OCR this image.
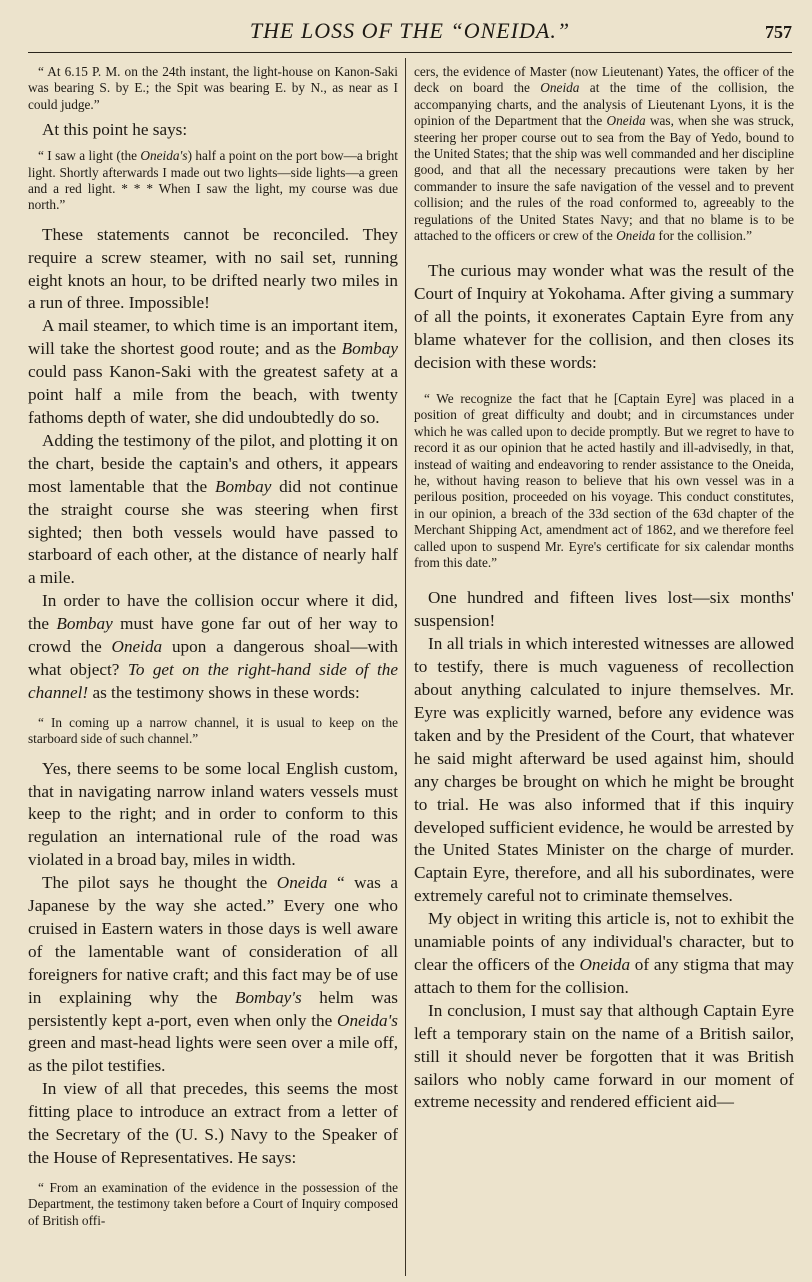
THE LOSS OF THE “ONEIDA.”	757

“ At 6.15 P. M. on the 24th instant, the light-house on Kanon-Saki was bearing S. by E.; the Spit was bearing E. by N., as near as I could judge.”

At this point he says:

“ I saw a light (the Oneida's) half a point on the port bow—a bright light. Shortly afterwards I made out two lights—side lights—a green and a red light. * * * When I saw the light, my course was due north.”

These statements cannot be reconciled. They require a screw steamer, with no sail set, running eight knots an hour, to be drifted nearly two miles in a run of three. Impossible!

A mail steamer, to which time is an important item, will take the shortest good route; and as the Bombay could pass Kanon-Saki with the greatest safety at a point half a mile from the beach, with twenty fathoms depth of water, she did undoubtedly do so.

Adding the testimony of the pilot, and plotting it on the chart, beside the captain's and others, it appears most lamentable that the Bombay did not continue the straight course she was steering when first sighted; then both vessels would have passed to starboard of each other, at the distance of nearly half a mile.

In order to have the collision occur where it did, the Bombay must have gone far out of her way to crowd the Oneida upon a dangerous shoal—with what object? To get on the right-hand side of the channel! as the testimony shows in these words:

“ In coming up a narrow channel, it is usual to keep on the starboard side of such channel.”

Yes, there seems to be some local English custom, that in navigating narrow inland waters vessels must keep to the right; and in order to conform to this regulation an international rule of the road was violated in a broad bay, miles in width.

The pilot says he thought the Oneida “ was a Japanese by the way she acted.” Every one who cruised in Eastern waters in those days is well aware of the lamentable want of consideration of all foreigners for native craft; and this fact may be of use in explaining why the Bombay's helm was persistently kept a-port, even when only the Oneida's green and mast-head lights were seen over a mile off, as the pilot testifies.

In view of all that precedes, this seems the most fitting place to introduce an extract from a letter of the Secretary of the (U. S.) Navy to the Speaker of the House of Representatives. He says:

“ From an examination of the evidence in the possession of the Department, the testimony taken before a Court of Inquiry composed of British offi-

cers, the evidence of Master (now Lieutenant) Yates, the officer of the deck on board the Oneida at the time of the collision, the accompanying charts, and the analysis of Lieutenant Lyons, it is the opinion of the Department that the Oneida was, when she was struck, steering her proper course out to sea from the Bay of Yedo, bound to the United States; that the ship was well commanded and her discipline good, and that all the necessary precautions were taken by her commander to insure the safe navigation of the vessel and to prevent collision; and the rules of the road conformed to, agreeably to the regulations of the United States Navy; and that no blame is to be attached to the officers or crew of the Oneida for the collision.”

The curious may wonder what was the result of the Court of Inquiry at Yokohama. After giving a summary of all the points, it exonerates Captain Eyre from any blame whatever for the collision, and then closes its decision with these words:

“ We recognize the fact that he [Captain Eyre] was placed in a position of great difficulty and doubt; and in circumstances under which he was called upon to decide promptly. But we regret to have to record it as our opinion that he acted hastily and ill-advisedly, in that, instead of waiting and endeavoring to render assistance to the Oneida, he, without having reason to believe that his own vessel was in a perilous position, proceeded on his voyage. This conduct constitutes, in our opinion, a breach of the 33d section of the 63d chapter of the Merchant Shipping Act, amendment act of 1862, and we therefore feel called upon to suspend Mr. Eyre's certificate for six calendar months from this date.”

One hundred and fifteen lives lost—six months' suspension!

In all trials in which interested witnesses are allowed to testify, there is much vagueness of recollection about anything calculated to injure themselves. Mr. Eyre was explicitly warned, before any evidence was taken and by the President of the Court, that whatever he said might afterward be used against him, should any charges be brought on which he might be brought to trial. He was also informed that if this inquiry developed sufficient evidence, he would be arrested by the United States Minister on the charge of murder. Captain Eyre, therefore, and all his subordinates, were extremely careful not to criminate themselves.

My object in writing this article is, not to exhibit the unamiable points of any individual's character, but to clear the officers of the Oneida of any stigma that may attach to them for the collision.

In conclusion, I must say that although Captain Eyre left a temporary stain on the name of a British sailor, still it should never be forgotten that it was British sailors who nobly came forward in our moment of extreme necessity and rendered efficient aid—
